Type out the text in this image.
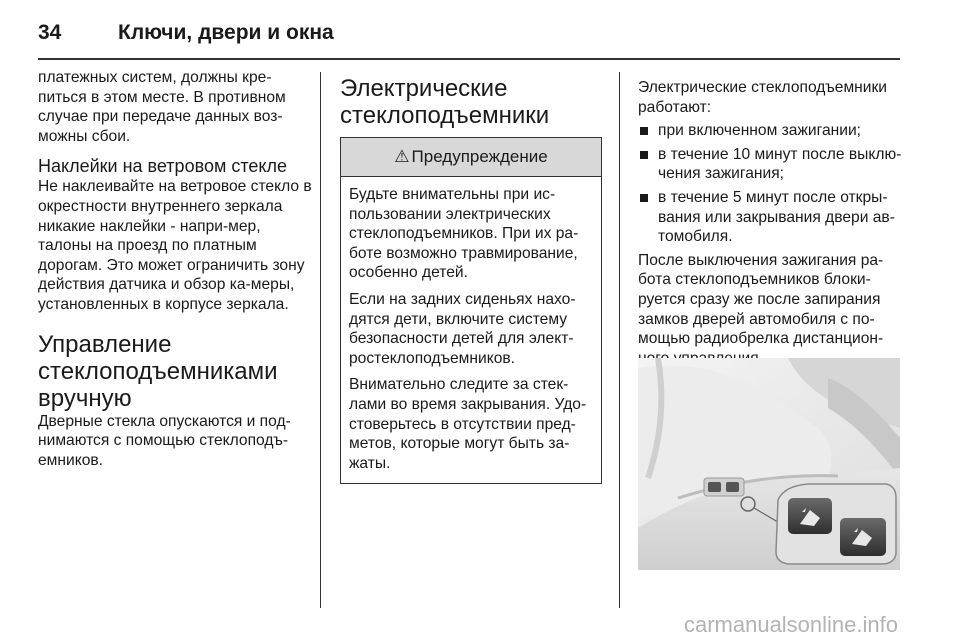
34	Ключи, двери и окна

платежных систем, должны кре-питься в этом месте. В противном случае при передаче данных воз-можны сбои.

Наклейки на ветровом стекле

Не наклеивайте на ветровое стекло в окрестности внутреннего зеркала никакие наклейки - напри-мер, талоны на проезд по платным дорогам. Это может ограничить зону действия датчика и обзор ка-меры, установленных в корпусе зеркала.

Управление стеклоподъемниками вручную

Дверные стекла опускаются и под-нимаются с помощью стеклоподъ-емников.

Электрические стеклоподъемники
⚠ Предупреждение

Будьте внимательны при ис-пользовании электрических стеклоподъемников. При их ра-боте возможно травмирование, особенно детей.

Если на задних сиденьях нахо-дятся дети, включите систему безопасности детей для элект-ростеклоподъемников.

Внимательно следите за стек-лами во время закрывания. Удо-стоверьтесь в отсутствии пред-метов, которые могут быть за-жаты.

Электрические стеклоподъемники работают:

при включенном зажигании;
в течение 10 минут после выклю-чения зажигания;
в течение 5 минут после откры-вания или закрывания двери ав-томобиля.

После выключения зажигания ра-бота стеклоподъемников блоки-руется сразу же после запирания замков дверей автомобиля с по-мощью радиобрелка дистанцион-

carmanualsonline.info
